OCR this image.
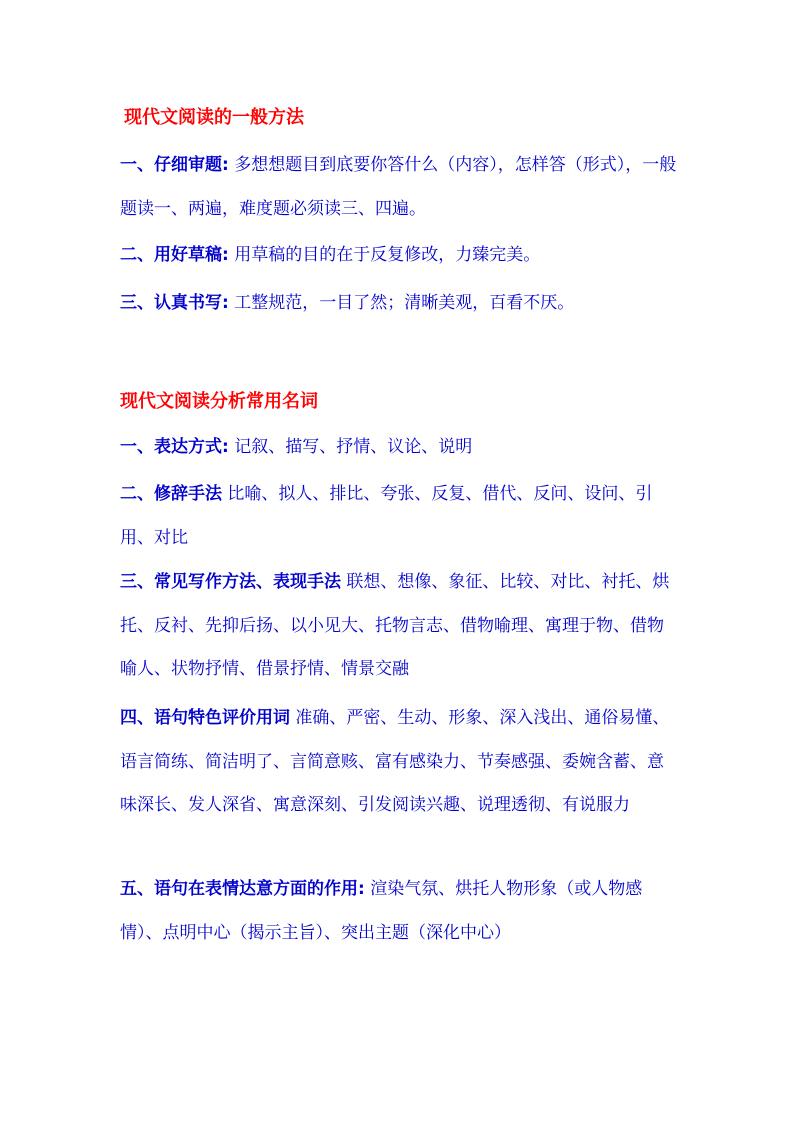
现代文阅读的一般方法

一、仔细审题: 多想想题目到底要你答什么（内容），怎样答（形式），一般题读一、两遍，难度题必须读三、四遍。

二、用好草稿: 用草稿的目的在于反复修改，力臻完美。

三、认真书写: 工整规范，一目了然；清晰美观，百看不厌。

现代文阅读分析常用名词

一、表达方式: 记叙、描写、抒情、议论、说明

二、修辞手法 比喻、拟人、排比、夸张、反复、借代、反问、设问、引用、对比

三、常见写作方法、表现手法 联想、想像、象征、比较、对比、衬托、烘托、反衬、先抑后扬、以小见大、托物言志、借物喻理、寓理于物、借物喻人、状物抒情、借景抒情、情景交融

四、语句特色评价用词 准确、严密、生动、形象、深入浅出、通俗易懂、语言简练、简洁明了、言简意赅、富有感染力、节奏感强、委婉含蓄、意味深长、发人深省、寓意深刻、引发阅读兴趣、说理透彻、有说服力

五、语句在表情达意方面的作用: 渲染气氛、烘托人物形象（或人物感情）、点明中心（揭示主旨）、突出主题（深化中心）
